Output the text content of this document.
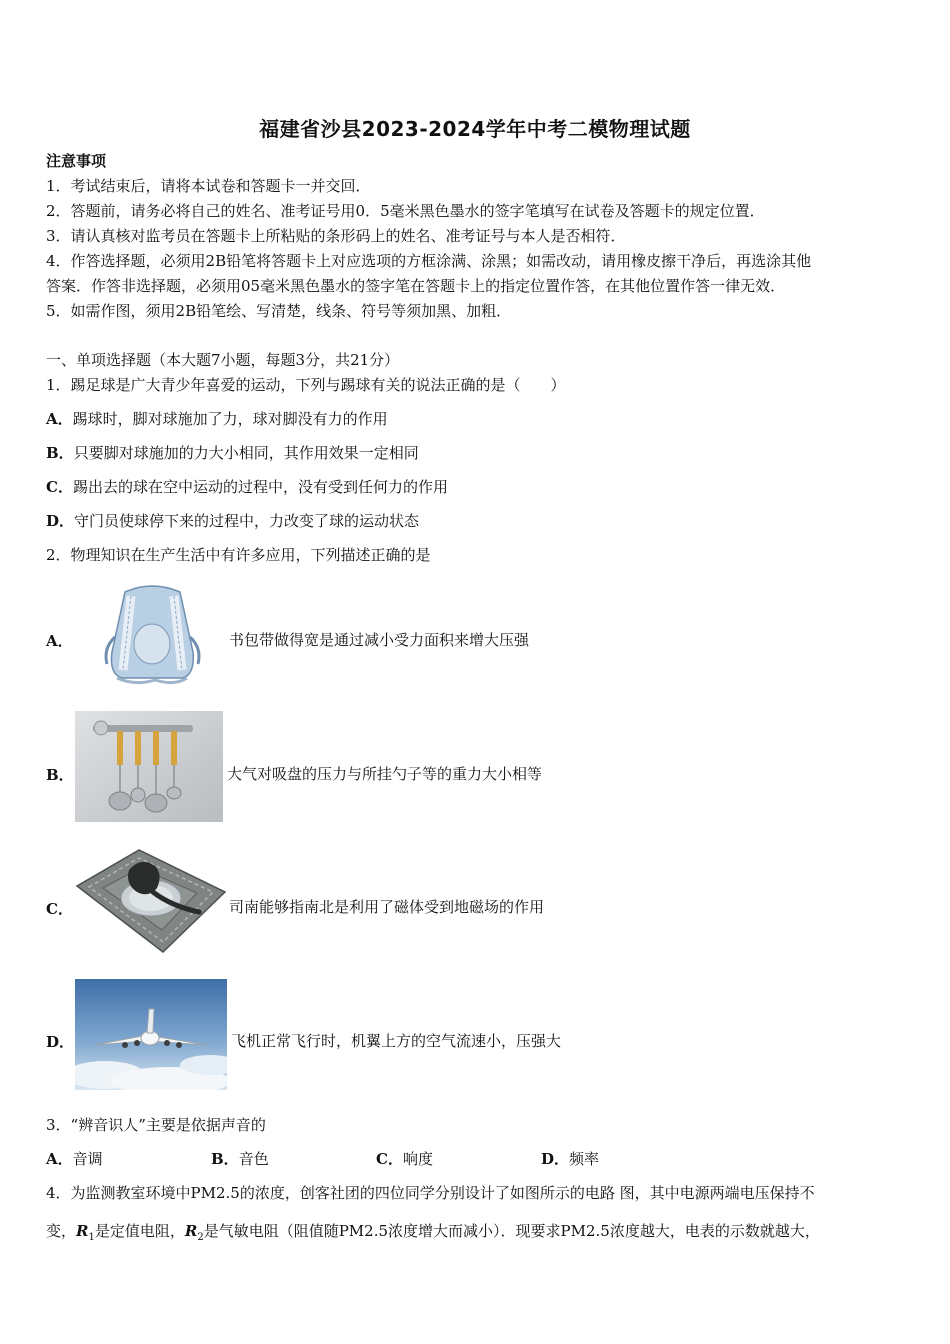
福建省沙县2023-2024学年中考二模物理试题
注意事项
1．考试结束后，请将本试卷和答题卡一并交回．
2．答题前，请务必将自己的姓名、准考证号用0．5毫米黑色墨水的签字笔填写在试卷及答题卡的规定位置．
3．请认真核对监考员在答题卡上所粘贴的条形码上的姓名、准考证号与本人是否相符．
4．作答选择题，必须用2B铅笔将答题卡上对应选项的方框涂满、涂黑；如需改动，请用橡皮擦干净后，再选涂其他
答案．作答非选择题，必须用05毫米黑色墨水的签字笔在答题卡上的指定位置作答，在其他位置作答一律无效．
5．如需作图，须用2B铅笔绘、写清楚，线条、符号等须加黑、加粗．
一、单项选择题（本大题7小题，每题3分，共21分）
1．踢足球是广大青少年喜爱的运动，下列与踢球有关的说法正确的是（　　）
A．踢球时，脚对球施加了力，球对脚没有力的作用
B．只要脚对球施加的力大小相同，其作用效果一定相同
C．踢出去的球在空中运动的过程中，没有受到任何力的作用
D．守门员使球停下来的过程中，力改变了球的运动状态
2．物理知识在生产生活中有许多应用，下列描述正确的是
A．	书包带做得宽是通过减小受力面积来增大压强
B．	大气对吸盘的压力与所挂勺子等的重力大小相等
C．	司南能够指南北是利用了磁体受到地磁场的作用
D．	飞机正常飞行时，机翼上方的空气流速小，压强大
3．“辨音识人”主要是依据声音的
A．音调	B．音色	C．响度	D．频率
4．为监测教室环境中PM2.5的浓度，创客社团的四位同学分别设计了如图所示的电路 图，其中电源两端电压保持不
变，$R_1$是定值电阻，$R_2$是气敏电阻（阻值随PM2.5浓度增大而减小）．现要求PM2.5浓度越大，电表的示数就越大，
